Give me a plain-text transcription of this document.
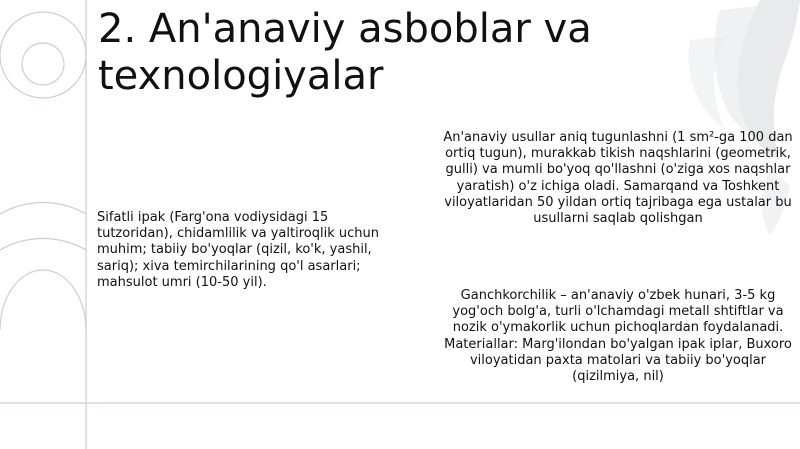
2. An'anaviy asboblar va texnologiyalar

Sifatli ipak (Farg'ona vodiysidagi 15 tutzoridan), chidamlilik va yaltiroqlik uchun muhim; tabiiy bo'yoqlar (qizil, ko'k, yashil, sariq); xiva temirchilarining qo'l asarlari; mahsulot umri (10-50 yil).

An'anaviy usullar aniq tugunlashni (1 sm²-ga 100 dan ortiq tugun), murakkab tikish naqshlarini (geometrik, gulli) va mumli bo'yoq qo'llashni (o'ziga xos naqshlar yaratish) o'z ichiga oladi. Samarqand va Toshkent viloyatlaridan 50 yildan ortiq tajribaga ega ustalar bu usullarni saqlab qolishgan

Ganchkorchilik – an'anaviy o'zbek hunari, 3-5 kg yog'och bolg'a, turli o'lchamdagi metall shtiftlar va nozik o'ymakorlik uchun pichoqlardan foydalanadi. Materiallar: Marg'ilondan bo'yalgan ipak iplar, Buxoro viloyatidan paxta matolari va tabiiy bo'yoqlar (qizilmiya, nil)
